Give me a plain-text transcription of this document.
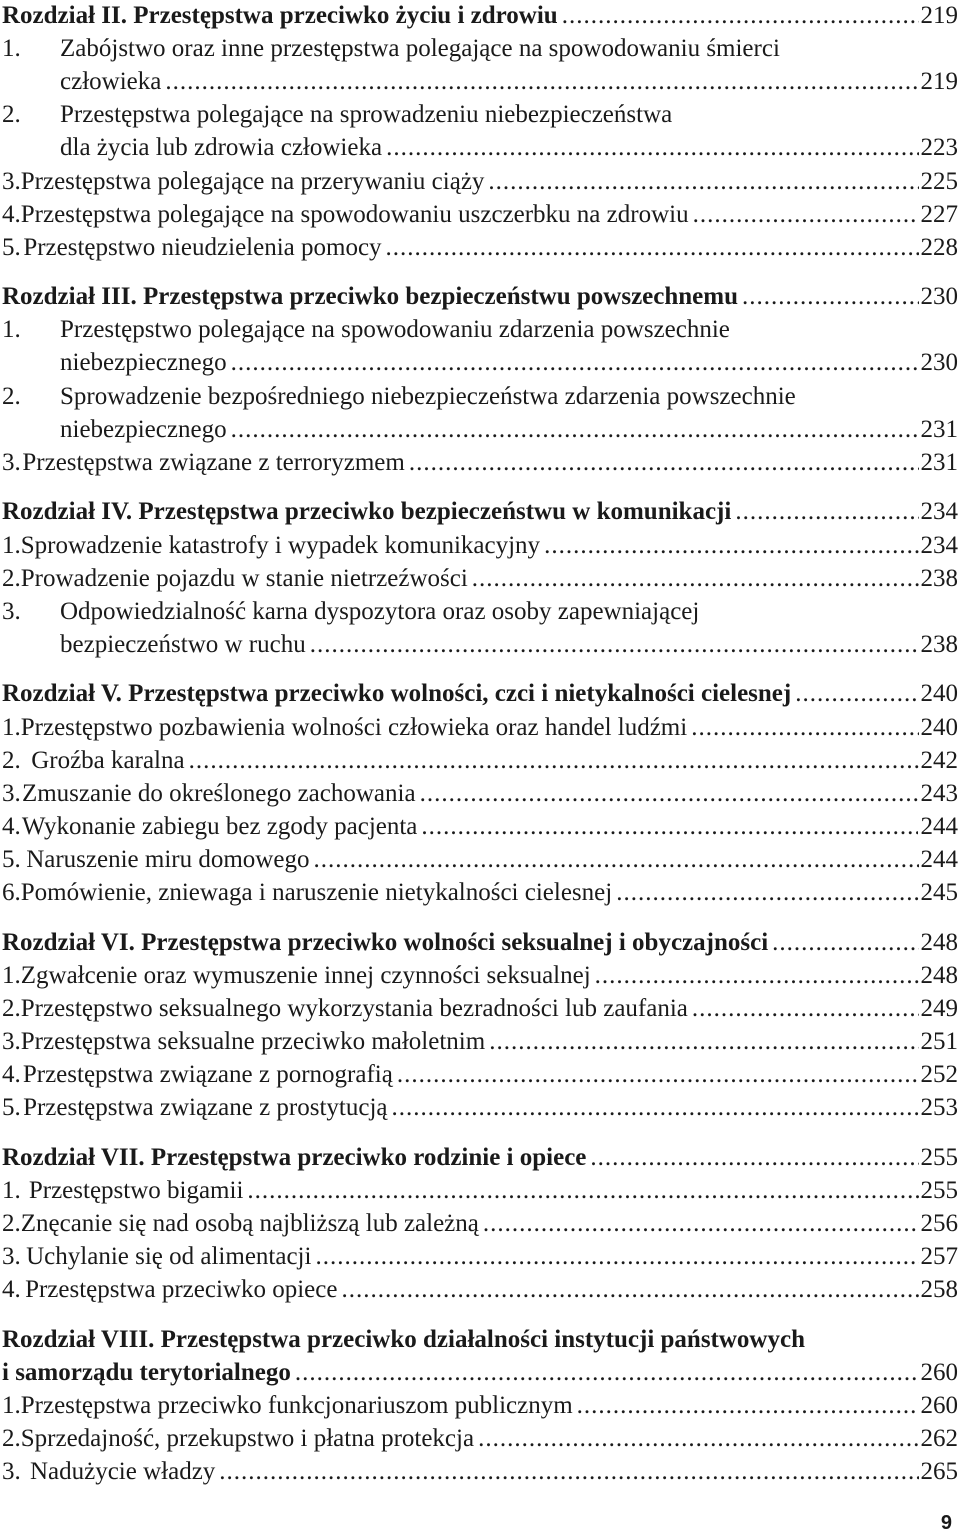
Rozdział II. Przestępstwa przeciwko życiu i zdrowiu .....	219
1.	Zabójstwo oraz inne przestępstwa polegające na spowodowaniu śmierci
człowieka .....	219
2.	Przestępstwa polegające na sprowadzeniu niebezpieczeństwa
dla życia lub zdrowia człowieka .....	223
3. Przestępstwa polegające na przerywaniu ciąży .....	225
4. Przestępstwa polegające na spowodowaniu uszczerbku na zdrowiu .....	227
5. Przestępstwo nieudzielenia pomocy .....	228
Rozdział III. Przestępstwa przeciwko bezpieczeństwu powszechnemu .....	230
1.	Przestępstwo polegające na spowodowaniu zdarzenia powszechnie
niebezpiecznego .....	230
2.	Sprowadzenie bezpośredniego niebezpieczeństwa zdarzenia powszechnie
niebezpiecznego .....	231
3. Przestępstwa związane z terroryzmem .....	231
Rozdział IV. Przestępstwa przeciwko bezpieczeństwu w komunikacji .....	234
1. Sprowadzenie katastrofy i wypadek komunikacyjny .....	234
2. Prowadzenie pojazdu w stanie nietrzeźwości .....	238
3.	Odpowiedzialność karna dyspozytora oraz osoby zapewniającej
bezpieczeństwo w ruchu .....	238
Rozdział V. Przestępstwa przeciwko wolności, czci i nietykalności cielesnej .....	240
1. Przestępstwo pozbawienia wolności człowieka oraz handel ludźmi .....	240
2. Groźba karalna .....	242
3. Zmuszanie do określonego zachowania .....	243
4. Wykonanie zabiegu bez zgody pacjenta .....	244
5. Naruszenie miru domowego .....	244
6. Pomówienie, zniewaga i naruszenie nietykalności cielesnej .....	245
Rozdział VI. Przestępstwa przeciwko wolności seksualnej i obyczajności .....	248
1. Zgwałcenie oraz wymuszenie innej czynności seksualnej .....	248
2. Przestępstwo seksualnego wykorzystania bezradności lub zaufania .....	249
3. Przestępstwa seksualne przeciwko małoletnim .....	251
4. Przestępstwa związane z pornografią .....	252
5. Przestępstwa związane z prostytucją .....	253
Rozdział VII. Przestępstwa przeciwko rodzinie i opiece .....	255
1. Przestępstwo bigamii .....	255
2. Znęcanie się nad osobą najbliższą lub zależną .....	256
3. Uchylanie się od alimentacji .....	257
4. Przestępstwa przeciwko opiece .....	258
Rozdział VIII. Przestępstwa przeciwko działalności instytucji państwowych
i samorządu terytorialnego .....	260
1. Przestępstwa przeciwko funkcjonariuszom publicznym .....	260
2. Sprzedajność, przekupstwo i płatna protekcja .....	262
3. Nadużycie władzy .....	265
9
